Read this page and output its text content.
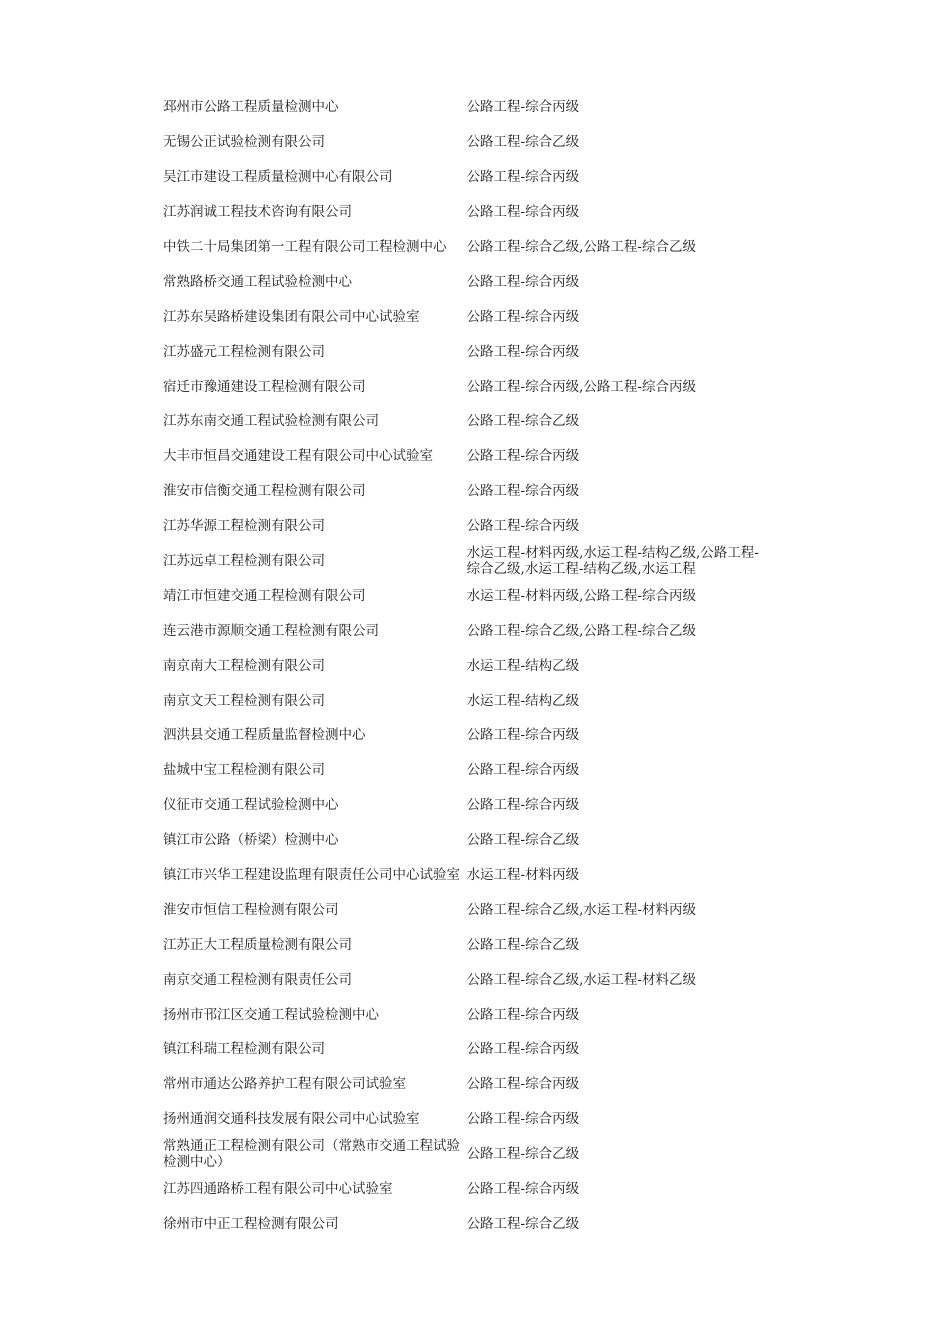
邳州市公路工程质量检测中心	公路工程-综合丙级

无锡公正试验检测有限公司	公路工程-综合乙级

吴江市建设工程质量检测中心有限公司	公路工程-综合丙级

江苏润诚工程技术咨询有限公司	公路工程-综合丙级

中铁二十局集团第一工程有限公司工程检测中心	公路工程-综合乙级,公路工程-综合乙级

常熟路桥交通工程试验检测中心	公路工程-综合丙级

江苏东吴路桥建设集团有限公司中心试验室	公路工程-综合丙级

江苏盛元工程检测有限公司	公路工程-综合丙级

宿迁市豫通建设工程检测有限公司	公路工程-综合丙级,公路工程-综合丙级

江苏东南交通工程试验检测有限公司	公路工程-综合乙级

大丰市恒昌交通建设工程有限公司中心试验室	公路工程-综合丙级

淮安市信衡交通工程检测有限公司	公路工程-综合丙级

江苏华源工程检测有限公司	公路工程-综合丙级

江苏远卓工程检测有限公司	水运工程-材料丙级,水运工程-结构乙级,公路工程-综合乙级,水运工程-结构乙级,水运工程

靖江市恒建交通工程检测有限公司	水运工程-材料丙级,公路工程-综合丙级

连云港市源顺交通工程检测有限公司	公路工程-综合乙级,公路工程-综合乙级

南京南大工程检测有限公司	水运工程-结构乙级

南京文天工程检测有限公司	水运工程-结构乙级

泗洪县交通工程质量监督检测中心	公路工程-综合丙级

盐城中宝工程检测有限公司	公路工程-综合丙级

仪征市交通工程试验检测中心	公路工程-综合丙级

镇江市公路（桥梁）检测中心	公路工程-综合乙级

镇江市兴华工程建设监理有限责任公司中心试验室	水运工程-材料丙级

淮安市恒信工程检测有限公司	公路工程-综合乙级,水运工程-材料丙级

江苏正大工程质量检测有限公司	公路工程-综合乙级

南京交通工程检测有限责任公司	公路工程-综合乙级,水运工程-材料乙级

扬州市邗江区交通工程试验检测中心	公路工程-综合丙级

镇江科瑞工程检测有限公司	公路工程-综合丙级

常州市通达公路养护工程有限公司试验室	公路工程-综合丙级

扬州通润交通科技发展有限公司中心试验室	公路工程-综合丙级

常熟通正工程检测有限公司（常熟市交通工程试验检测中心）	公路工程-综合乙级

江苏四通路桥工程有限公司中心试验室	公路工程-综合丙级

徐州市中正工程检测有限公司	公路工程-综合乙级
